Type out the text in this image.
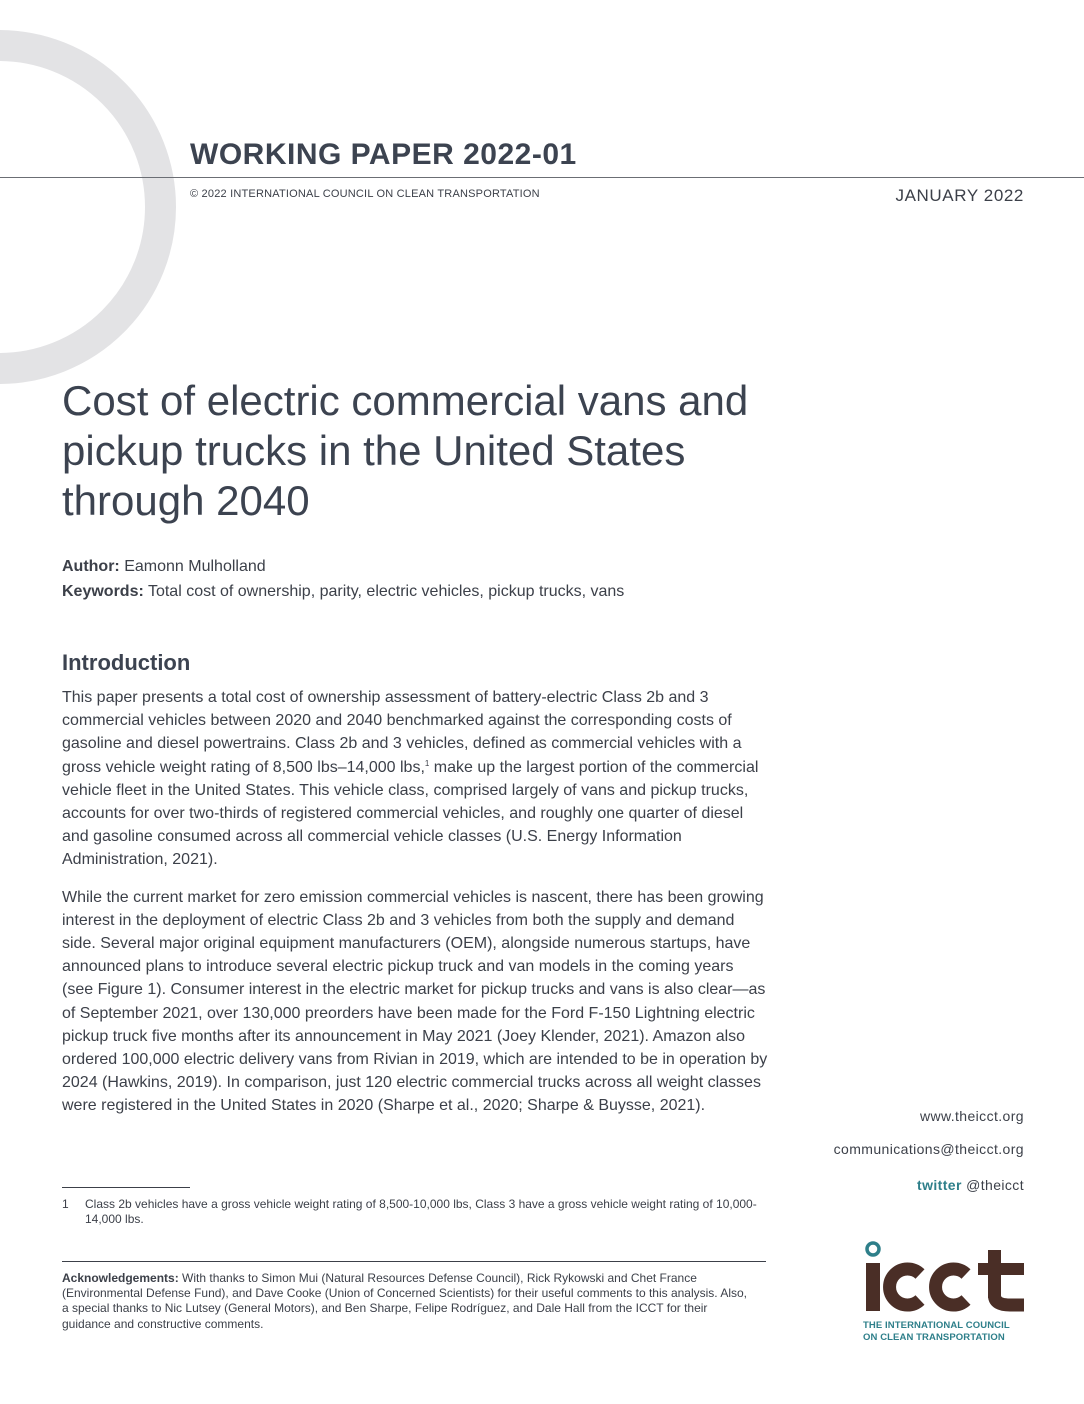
WORKING PAPER 2022-01
© 2022 INTERNATIONAL COUNCIL ON CLEAN TRANSPORTATION	JANUARY 2022
Cost of electric commercial vans and pickup trucks in the United States through 2040

Author: Eamonn Mulholland

Keywords: Total cost of ownership, parity, electric vehicles, pickup trucks, vans

Introduction

This paper presents a total cost of ownership assessment of battery-electric Class 2b and 3 commercial vehicles between 2020 and 2040 benchmarked against the corresponding costs of gasoline and diesel powertrains. Class 2b and 3 vehicles, defined as commercial vehicles with a gross vehicle weight rating of 8,500 lbs–14,000 lbs,$^1$ make up the largest portion of the commercial vehicle fleet in the United States. This vehicle class, comprised largely of vans and pickup trucks, accounts for over two-thirds of registered commercial vehicles, and roughly one quarter of diesel and gasoline consumed across all commercial vehicle classes (U.S. Energy Information Administration, 2021).

While the current market for zero emission commercial vehicles is nascent, there has been growing interest in the deployment of electric Class 2b and 3 vehicles from both the supply and demand side. Several major original equipment manufacturers (OEM), alongside numerous startups, have announced plans to introduce several electric pickup truck and van models in the coming years (see Figure 1). Consumer interest in the electric market for pickup trucks and vans is also clear—as of September 2021, over 130,000 preorders have been made for the Ford F-150 Lightning electric pickup truck five months after its announcement in May 2021 (Joey Klender, 2021). Amazon also ordered 100,000 electric delivery vans from Rivian in 2019, which are intended to be in operation by 2024 (Hawkins, 2019). In comparison, just 120 electric commercial trucks across all weight classes were registered in the United States in 2020 (Sharpe et al., 2020; Sharpe & Buysse, 2021).

1	Class 2b vehicles have a gross vehicle weight rating of 8,500-10,000 lbs, Class 3 have a gross vehicle weight rating of 10,000-14,000 lbs.

Acknowledgements: With thanks to Simon Mui (Natural Resources Defense Council), Rick Rykowski and Chet France (Environmental Defense Fund), and Dave Cooke (Union of Concerned Scientists) for their useful comments to this analysis. Also, a special thanks to Nic Lutsey (General Motors), and Ben Sharpe, Felipe Rodríguez, and Dale Hall from the ICCT for their guidance and constructive comments.

www.theicct.org
communications@theicct.org
twitter @theicct
THE INTERNATIONAL COUNCIL
ON CLEAN TRANSPORTATION
